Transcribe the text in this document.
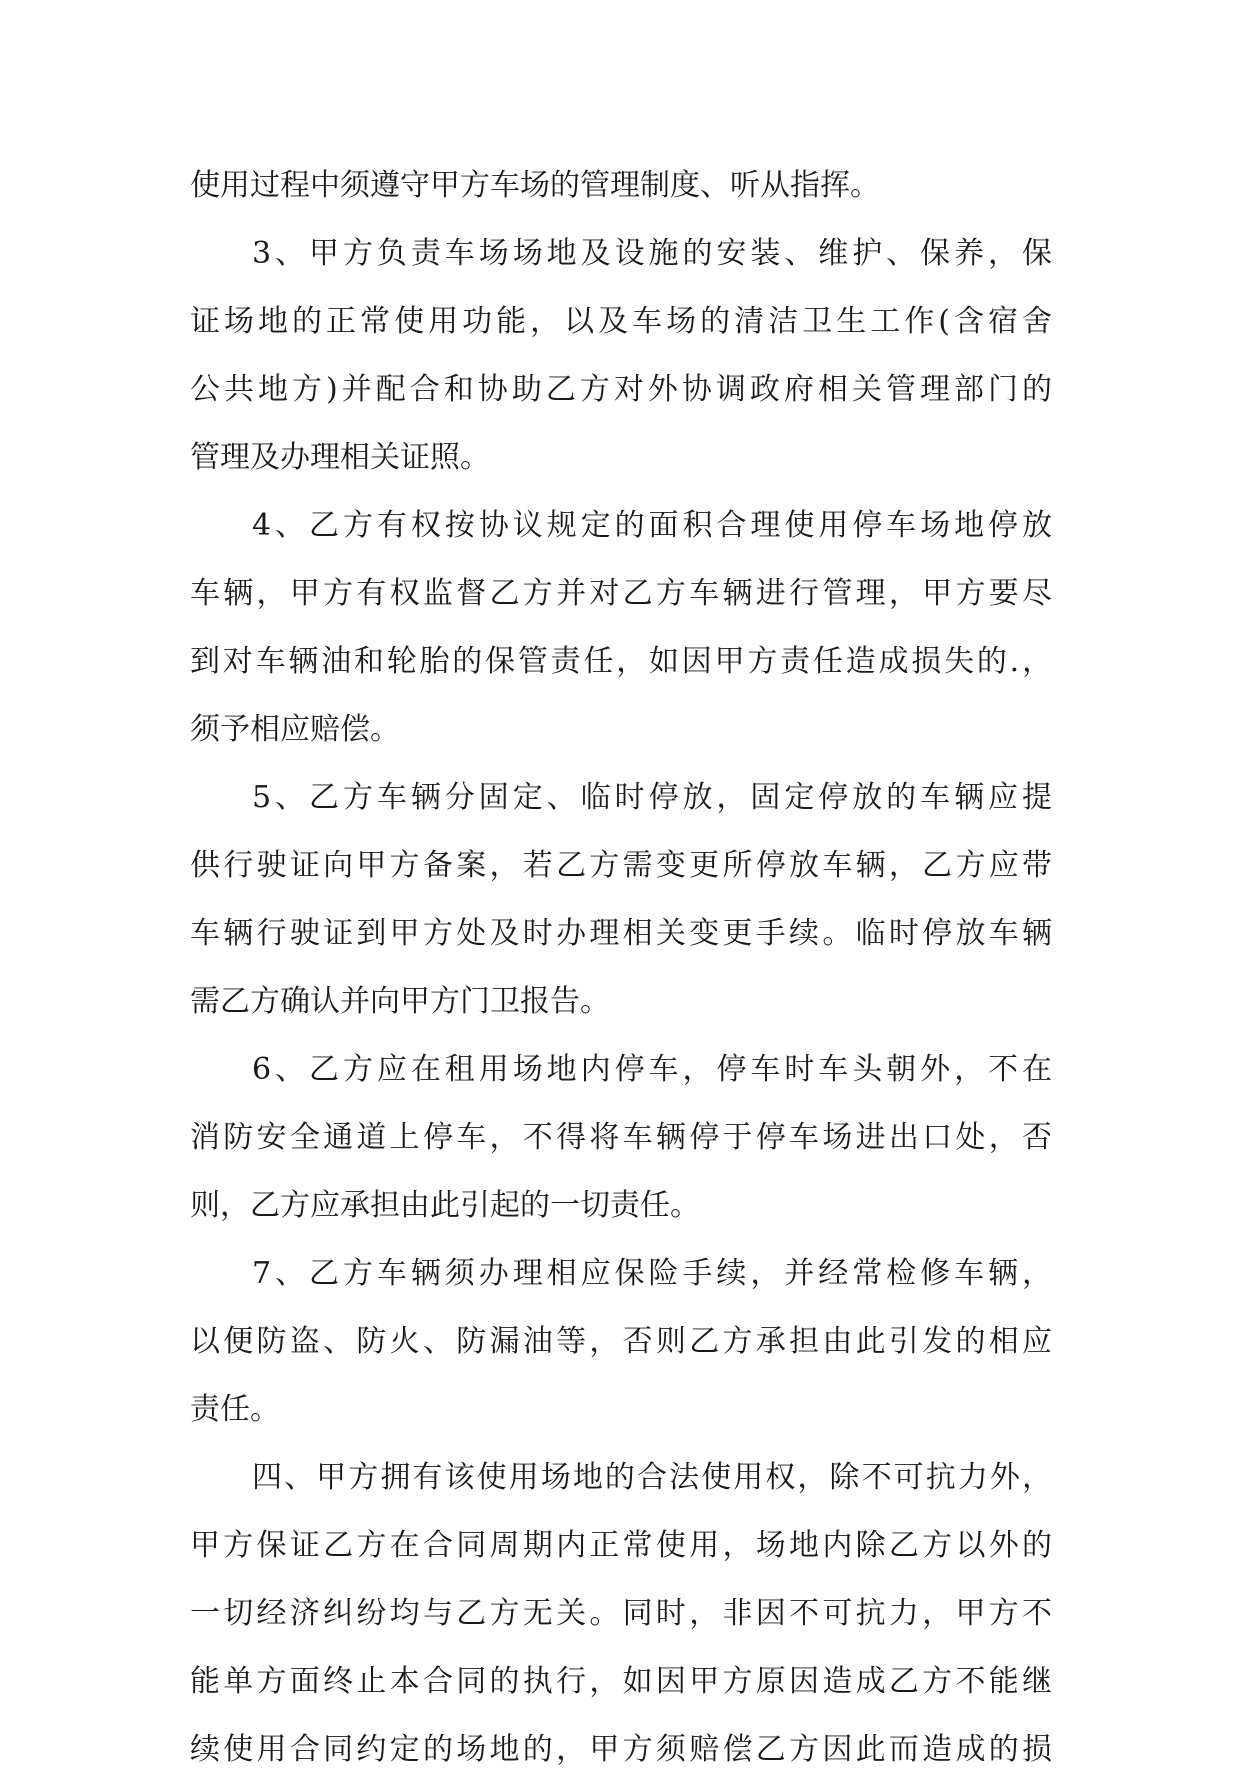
使用过程中须遵守甲方车场的管理制度、听从指挥。
3、甲方负责车场场地及设施的安装、维护、保养，保
证场地的正常使用功能，以及车场的清洁卫生工作(含宿舍
公共地方)并配合和协助乙方对外协调政府相关管理部门的
管理及办理相关证照。
4、乙方有权按协议规定的面积合理使用停车场地停放
车辆，甲方有权监督乙方并对乙方车辆进行管理，甲方要尽
到对车辆油和轮胎的保管责任，如因甲方责任造成损失的.，
须予相应赔偿。
5、乙方车辆分固定、临时停放，固定停放的车辆应提
供行驶证向甲方备案，若乙方需变更所停放车辆，乙方应带
车辆行驶证到甲方处及时办理相关变更手续。临时停放车辆
需乙方确认并向甲方门卫报告。
6、乙方应在租用场地内停车，停车时车头朝外，不在
消防安全通道上停车，不得将车辆停于停车场进出口处，否
则，乙方应承担由此引起的一切责任。
7、乙方车辆须办理相应保险手续，并经常检修车辆，
以便防盗、防火、防漏油等，否则乙方承担由此引发的相应
责任。
四、甲方拥有该使用场地的合法使用权，除不可抗力外，
甲方保证乙方在合同周期内正常使用，场地内除乙方以外的
一切经济纠纷均与乙方无关。同时，非因不可抗力，甲方不
能单方面终止本合同的执行，如因甲方原因造成乙方不能继
续使用合同约定的场地的，甲方须赔偿乙方因此而造成的损
